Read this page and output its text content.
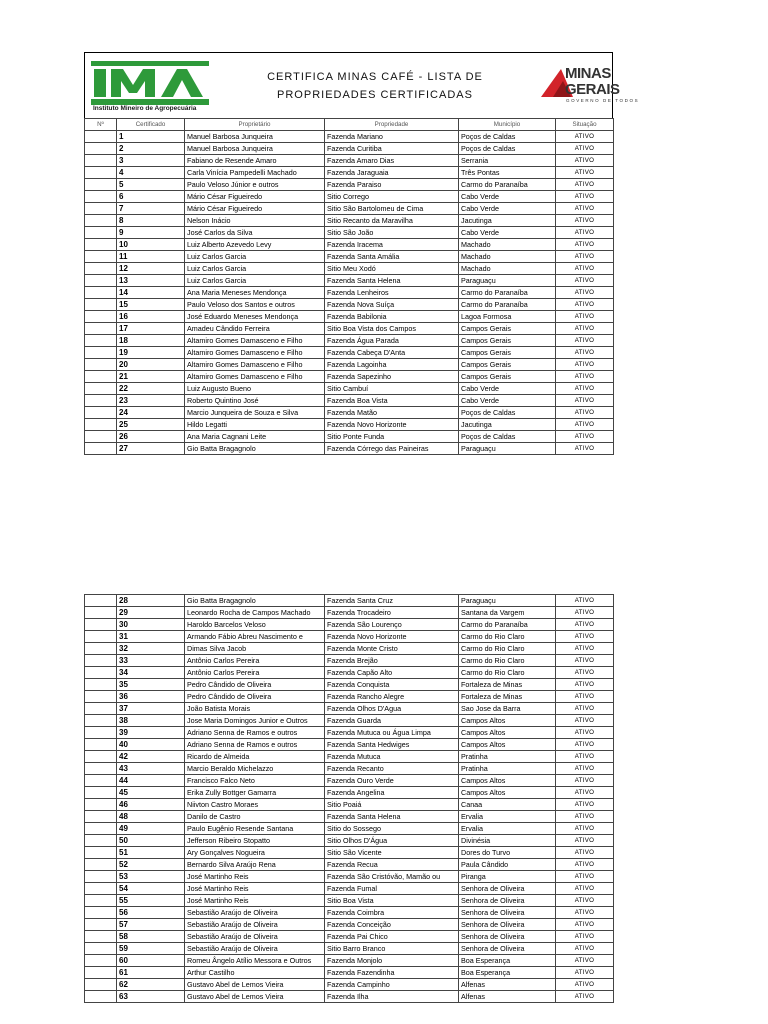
Instituto Mineiro de Agropecuária
CERTIFICA MINAS CAFÉ - LISTA DE
PROPRIEDADES CERTIFICADAS
MINAS
GERAIS
GOVERNO DE TODOS
Nº	Certificado	Proprietário	Propriedade	Município	Situação
	1	Manuel Barbosa Junqueira	Fazenda Mariano	Poços de Caldas	ATIVO
	2	Manuel Barbosa Junqueira	Fazenda Curitiba	Poços de Caldas	ATIVO
	3	Fabiano de Resende Amaro	Fazenda Amaro Dias	Serrania	ATIVO
	4	Carla Vinícia Pampedelli Machado	Fazenda Jaraguaia	Três Pontas	ATIVO
	5	Paulo Veloso Júnior e outros	Fazenda Paraiso	Carmo do Paranaíba	ATIVO
	6	Mário César Figueiredo	Sitio Corrego	Cabo Verde	ATIVO
	7	Mário César Figueiredo	Sitio São Bartolomeu de Cima	Cabo Verde	ATIVO
	8	Nelson Inácio	Sitio Recanto da Maravilha	Jacutinga	ATIVO
	9	José Carlos da Silva	Sitio São João	Cabo Verde	ATIVO
	10	Luiz Alberto Azevedo Levy	Fazenda Iracema	Machado	ATIVO
	11	Luiz Carlos Garcia	Fazenda Santa Amália	Machado	ATIVO
	12	Luiz Carlos Garcia	Sitio Meu Xodó	Machado	ATIVO
	13	Luiz Carlos Garcia	Fazenda Santa Helena	Paraguaçu	ATIVO
	14	Ana Maria Meneses Mendonça	Fazenda Lenheiros	Carmo do Paranaíba	ATIVO
	15	Paulo Veloso dos Santos e outros	Fazenda Nova Suíça	Carmo do Paranaíba	ATIVO
	16	José Eduardo Meneses Mendonça	Fazenda Babilonia	Lagoa Formosa	ATIVO
	17	Amadeu Cândido Ferreira	Sitio Boa Vista dos Campos	Campos Gerais	ATIVO
	18	Altamiro Gomes Damasceno e Filho	Fazenda Água Parada	Campos Gerais	ATIVO
	19	Altamiro Gomes Damasceno e Filho	Fazenda Cabeça D'Anta	Campos Gerais	ATIVO
	20	Altamiro Gomes Damasceno e Filho	Fazenda Lagoinha	Campos Gerais	ATIVO
	21	Altamiro Gomes Damasceno e Filho	Fazenda Sapezinho	Campos Gerais	ATIVO
	22	Luiz Augusto Bueno	Sitio Cambuí	Cabo Verde	ATIVO
	23	Roberto Quintino José	Fazenda Boa Vista	Cabo Verde	ATIVO
	24	Marcio Junqueira de Souza e Silva	Fazenda Matão	Poços de Caldas	ATIVO
	25	Hildo Legatti	Fazenda Novo Horizonte	Jacutinga	ATIVO
	26	Ana Maria Cagnani Leite	Sitio Ponte Funda	Poços de Caldas	ATIVO
	27	Gio Batta Bragagnolo	Fazenda Córrego das Paineiras	Paraguaçu	ATIVO
	28	Gio Batta Bragagnolo	Fazenda Santa Cruz	Paraguaçu	ATIVO
	29	Leonardo Rocha de Campos Machado	Fazenda Trocadeiro	Santana da Vargem	ATIVO
	30	Haroldo Barcelos Veloso	Fazenda São Lourenço	Carmo do Paranaíba	ATIVO
	31	Armando Fábio Abreu Nascimento e	Fazenda Novo Horizonte	Carmo do Rio Claro	ATIVO
	32	Dimas Silva Jacob	Fazenda Monte Cristo	Carmo do Rio Claro	ATIVO
	33	Antônio Carlos Pereira	Fazenda Brejão	Carmo do Rio Claro	ATIVO
	34	Antônio Carlos Pereira	Fazenda Capão Alto	Carmo do Rio Claro	ATIVO
	35	Pedro Cândido de Oliveira	Fazenda Conquista	Fortaleza de Minas	ATIVO
	36	Pedro Cândido de Oliveira	Fazenda Rancho Alegre	Fortaleza de Minas	ATIVO
	37	João Batista Morais	Fazenda Olhos D'Agua	Sao Jose da Barra	ATIVO
	38	Jose Maria Domingos Junior e Outros	Fazenda Guarda	Campos Altos	ATIVO
	39	Adriano Senna de Ramos e outros	Fazenda Mutuca ou Água Limpa	Campos Altos	ATIVO
	40	Adriano Senna de Ramos e outros	Fazenda Santa Hedwiges	Campos Altos	ATIVO
	42	Ricardo de Almeida	Fazenda Mutuca	Pratinha	ATIVO
	43	Marcio Beraldo Michelazzo	Fazenda Recanto	Pratinha	ATIVO
	44	Francisco Falco Neto	Fazenda Ouro Verde	Campos Altos	ATIVO
	45	Erika Zully Bottger Gamarra	Fazenda Angelina	Campos Altos	ATIVO
	46	Niivton Castro Moraes	Sitio Poaiá	Canaa	ATIVO
	48	Danilo de Castro	Fazenda Santa Helena	Ervalia	ATIVO
	49	Paulo Eugênio Resende Santana	Sitio do Sossego	Ervalia	ATIVO
	50	Jefferson Ribeiro Stopatto	Sitio Olhos D'Água	Divinésia	ATIVO
	51	Ary Gonçalves Nogueira	Sitio São Vicente	Dores do Turvo	ATIVO
	52	Bernardo Silva Araújo Rena	Fazenda Recua	Paula Cândido	ATIVO
	53	José Martinho Reis	Fazenda São Cristóvão, Mamão ou	Piranga	ATIVO
	54	José Martinho Reis	Fazenda Fumal	Senhora de Oliveira	ATIVO
	55	José Martinho Reis	Sitio Boa Vista	Senhora de Oliveira	ATIVO
	56	Sebastião Araújo de Oliveira	Fazenda Coimbra	Senhora de Oliveira	ATIVO
	57	Sebastião Araújo de Oliveira	Fazenda Conceição	Senhora de Oliveira	ATIVO
	58	Sebastião Araújo de Oliveira	Fazenda Pai Chico	Senhora de Oliveira	ATIVO
	59	Sebastião Araújo de Oliveira	Sitio Barro Branco	Senhora de Oliveira	ATIVO
	60	Romeu Ângelo Atílio Messora e Outros	Fazenda Monjolo	Boa Esperança	ATIVO
	61	Arthur Castilho	Fazenda Fazendinha	Boa Esperança	ATIVO
	62	Gustavo Abel de Lemos Vieira	Fazenda Campinho	Alfenas	ATIVO
	63	Gustavo Abel de Lemos Vieira	Fazenda Ilha	Alfenas	ATIVO
